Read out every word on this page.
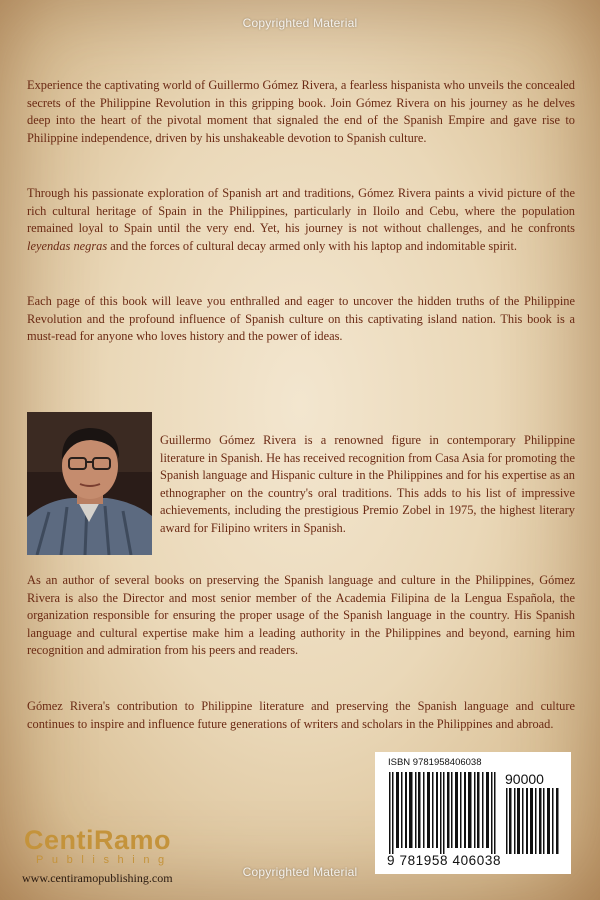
Copyrighted Material

Experience the captivating world of Guillermo Gómez Rivera, a fearless hispanista who unveils the concealed secrets of the Philippine Revolution in this gripping book. Join Gómez Rivera on his journey as he delves deep into the heart of the pivotal moment that signaled the end of the Spanish Empire and gave rise to Philippine independence, driven by his unshakeable devotion to Spanish culture.

Through his passionate exploration of Spanish art and traditions, Gómez Rivera paints a vivid picture of the rich cultural heritage of Spain in the Philippines, particularly in Iloilo and Cebu, where the population remained loyal to Spain until the very end. Yet, his journey is not without challenges, and he confronts leyendas negras and the forces of cultural decay armed only with his laptop and indomitable spirit.

Each page of this book will leave you enthralled and eager to uncover the hidden truths of the Philippine Revolution and the profound influence of Spanish culture on this captivating island nation. This book is a must-read for anyone who loves history and the power of ideas.

Guillermo Gómez Rivera is a renowned figure in contemporary Philippine literature in Spanish. He has received recognition from Casa Asia for promoting the Spanish language and Hispanic culture in the Philippines and for his expertise as an ethnographer on the country's oral traditions. This adds to his list of impressive achievements, including the prestigious Premio Zobel in 1975, the highest literary award for Filipino writers in Spanish.

As an author of several books on preserving the Spanish language and culture in the Philippines, Gómez Rivera is also the Director and most senior member of the Academia Filipina de la Lengua Española, the organization responsible for ensuring the proper usage of the Spanish language in the country. His Spanish language and cultural expertise make him a leading authority in the Philippines and beyond, earning him recognition and admiration from his peers and readers.

Gómez Rivera's contribution to Philippine literature and preserving the Spanish language and culture continues to inspire and influence future generations of writers and scholars in the Philippines and abroad.

CentiRamo
Publishing
www.centiramopublishing.com
ISBN 9781958406038
90000
9 781958 406038
Copyrighted Material
